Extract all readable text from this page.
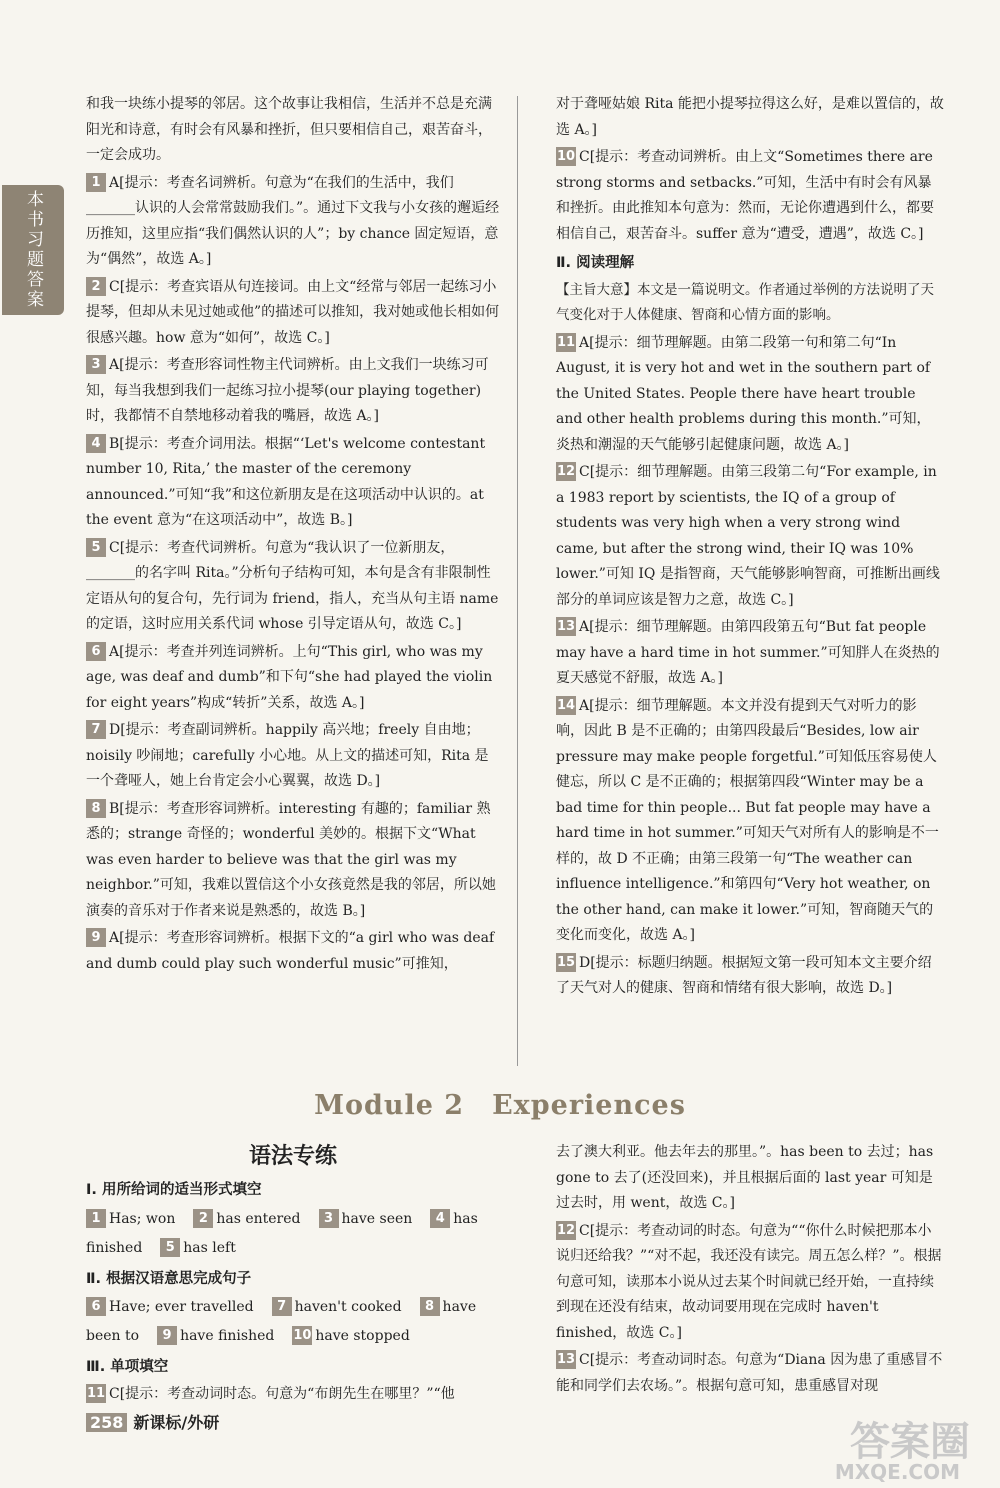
本书习题答案
和我一块练小提琴的邻居。这个故事让我相信，生活并不总是充满阳光和诗意，有时会有风暴和挫折，但只要相信自己，艰苦奋斗，一定会成功。
1 A[提示：考查名词辨析。句意为“在我们的生活中，我们_______认识的人会常常鼓励我们。”。通过下文我与小女孩的邂逅经历推知，这里应指“我们偶然认识的人”；by chance 固定短语，意为“偶然”，故选 A。]
2 C[提示：考查宾语从句连接词。由上文“经常与邻居一起练习小提琴，但却从未见过她或他”的描述可以推知，我对她或他长相如何很感兴趣。how 意为“如何”，故选 C。]
3 A[提示：考查形容词性物主代词辨析。由上文我们一块练习可知，每当我想到我们一起练习拉小提琴(our playing together)时，我都情不自禁地移动着我的嘴唇，故选 A。]
4 B[提示：考查介词用法。根据“‘Let's welcome contestant number 10, Rita,’ the master of the ceremony announced.”可知“我”和这位新朋友是在这项活动中认识的。at the event 意为“在这项活动中”，故选 B。]
5 C[提示：考查代词辨析。句意为“我认识了一位新朋友，_______的名字叫 Rita。”分析句子结构可知，本句是含有非限制性定语从句的复合句，先行词为 friend，指人，充当从句主语 name 的定语，这时应用关系代词 whose 引导定语从句，故选 C。]
6 A[提示：考查并列连词辨析。上句“This girl, who was my age, was deaf and dumb”和下句“she had played the violin for eight years”构成“转折”关系，故选 A。]
7 D[提示：考查副词辨析。happily 高兴地；freely 自由地；noisily 吵闹地；carefully 小心地。从上文的描述可知，Rita 是一个聋哑人，她上台肯定会小心翼翼，故选 D。]
8 B[提示：考查形容词辨析。interesting 有趣的；familiar 熟悉的；strange 奇怪的；wonderful 美妙的。根据下文“What was even harder to believe was that the girl was my neighbor.”可知，我难以置信这个小女孩竟然是我的邻居，所以她演奏的音乐对于作者来说是熟悉的，故选 B。]
9 A[提示：考查形容词辨析。根据下文的“a girl who was deaf and dumb could play such wonderful music”可推知，
对于聋哑姑娘 Rita 能把小提琴拉得这么好，是难以置信的，故选 A。]
10 C[提示：考查动词辨析。由上文“Sometimes there are strong storms and setbacks.”可知，生活中有时会有风暴和挫折。由此推知本句意为：然而，无论你遭遇到什么，都要相信自己，艰苦奋斗。suffer 意为“遭受，遭遇”，故选 C。]
Ⅱ. 阅读理解
【主旨大意】本文是一篇说明文。作者通过举例的方法说明了天气变化对于人体健康、智商和心情方面的影响。
11 A[提示：细节理解题。由第二段第一句和第二句“In August, it is very hot and wet in the southern part of the United States. People there have heart trouble and other health problems during this month.”可知，炎热和潮湿的天气能够引起健康问题，故选 A。]
12 C[提示：细节理解题。由第三段第二句“For example, in a 1983 report by scientists, the IQ of a group of students was very high when a very strong wind came, but after the strong wind, their IQ was 10% lower.”可知 IQ 是指智商，天气能够影响智商，可推断出画线部分的单词应该是智力之意，故选 C。]
13 A[提示：细节理解题。由第四段第五句“But fat people may have a hard time in hot summer.”可知胖人在炎热的夏天感觉不舒服，故选 A。]
14 A[提示：细节理解题。本文并没有提到天气对听力的影响，因此 B 是不正确的；由第四段最后“Besides, low air pressure may make people forgetful.”可知低压容易使人健忘，所以 C 是不正确的；根据第四段“Winter may be a bad time for thin people... But fat people may have a hard time in hot summer.”可知天气对所有人的影响是不一样的，故 D 不正确；由第三段第一句“The weather can influence intelligence.”和第四句“Very hot weather, on the other hand, can make it lower.”可知，智商随天气的变化而变化，故选 A。]
15 D[提示：标题归纳题。根据短文第一段可知本文主要介绍了天气对人的健康、智商和情绪有很大影响，故选 D。]
Module 2 Experiences
语法专练
Ⅰ. 用所给词的适当形式填空
1 Has; won 2 has entered 3 have seen 4 has finished 5 has left
Ⅱ. 根据汉语意思完成句子
6 Have; ever travelled 7 haven't cooked 8 have been to 9 have finished 10 have stopped
Ⅲ. 单项填空
11 C[提示：考查动词时态。句意为“布朗先生在哪里？”“他
去了澳大利亚。他去年去的那里。”。has been to 去过；has gone to 去了(还没回来)，并且根据后面的 last year 可知是过去时，用 went，故选 C。]
12 C[提示：考查动词的时态。句意为““你什么时候把那本小说归还给我？”“对不起，我还没有读完。周五怎么样？”。根据句意可知，读那本小说从过去某个时间就已经开始，一直持续到现在还没有结束，故动词要用现在完成时 haven't finished，故选 C。]
13 C[提示：考查动词时态。句意为“Diana 因为患了重感冒不能和同学们去农场。”。根据句意可知，患重感冒对现
258 新课标/外研	答案圈
MXQE.COM
